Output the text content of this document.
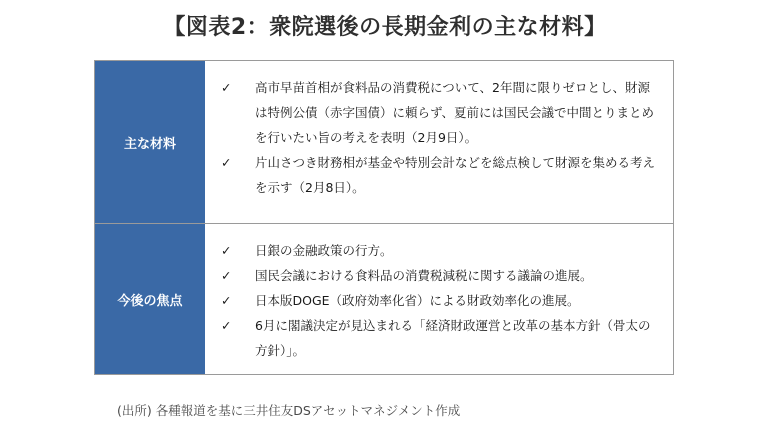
【図表2：衆院選後の長期金利の主な材料】
主な材料
✓	高市早苗首相が食料品の消費税について、2年間に限りゼロとし、財源は特例公債（赤字国債）に頼らず、夏前には国民会議で中間とりまとめを行いたい旨の考えを表明（2月9日）。
✓	片山さつき財務相が基金や特別会計などを総点検して財源を集める考えを示す（2月8日）。
今後の焦点
✓	日銀の金融政策の行方。
✓	国民会議における食料品の消費税減税に関する議論の進展。
✓	日本版DOGE（政府効率化省）による財政効率化の進展。
✓	6月に閣議決定が見込まれる「経済財政運営と改革の基本方針（骨太の方針）」。
(出所) 各種報道を基に三井住友DSアセットマネジメント作成
